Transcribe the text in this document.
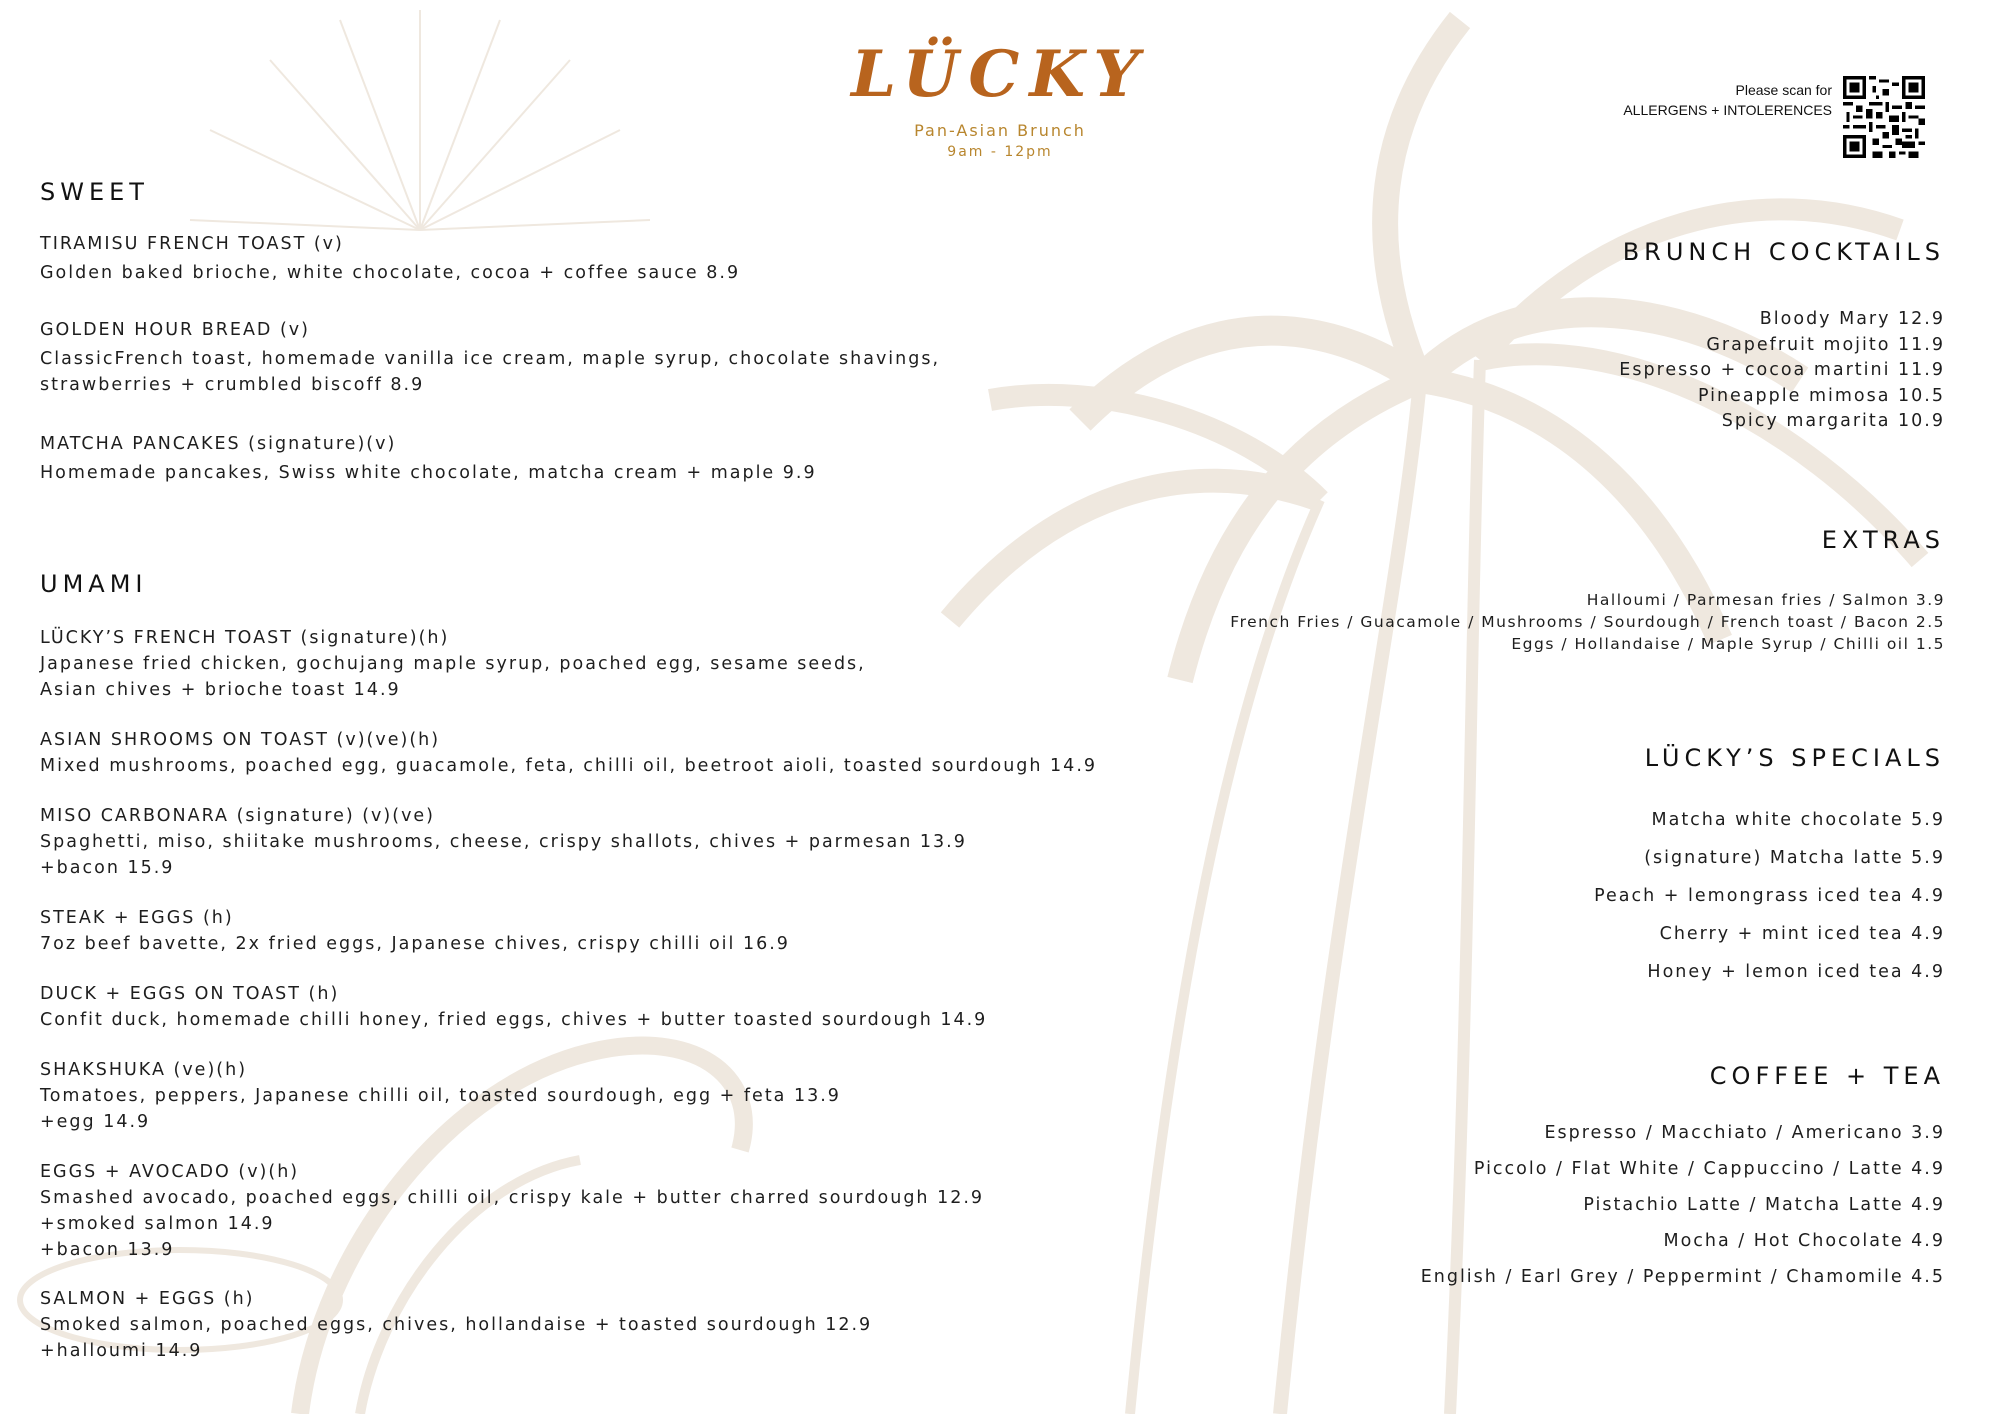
LÜCKY
Pan-Asian Brunch
9am - 12pm
Please scan for
ALLERGENS + INTOLERENCES
SWEET
TIRAMISU FRENCH TOAST (v)
Golden baked brioche, white chocolate, cocoa + coffee sauce 8.9
GOLDEN HOUR BREAD (v)
ClassicFrench toast, homemade vanilla ice cream, maple syrup, chocolate shavings,
strawberries + crumbled biscoff 8.9
MATCHA PANCAKES (signature)(v)
Homemade pancakes, Swiss white chocolate, matcha cream + maple 9.9
UMAMI
LÜCKY’S FRENCH TOAST (signature)(h)
Japanese fried chicken, gochujang maple syrup, poached egg, sesame seeds,
Asian chives + brioche toast 14.9
ASIAN SHROOMS ON TOAST (v)(ve)(h)
Mixed mushrooms, poached egg, guacamole, feta, chilli oil, beetroot aioli, toasted sourdough 14.9
MISO CARBONARA (signature) (v)(ve)
Spaghetti, miso, shiitake mushrooms, cheese, crispy shallots, chives + parmesan 13.9
+bacon 15.9
STEAK + EGGS (h)
7oz beef bavette, 2x fried eggs, Japanese chives, crispy chilli oil 16.9
DUCK + EGGS ON TOAST (h)
Confit duck, homemade chilli honey, fried eggs, chives + butter toasted sourdough 14.9
SHAKSHUKA (ve)(h)
Tomatoes, peppers, Japanese chilli oil, toasted sourdough, egg + feta 13.9
+egg 14.9
EGGS + AVOCADO (v)(h)
Smashed avocado, poached eggs, chilli oil, crispy kale + butter charred sourdough 12.9
+smoked salmon 14.9
+bacon 13.9
SALMON + EGGS (h)
Smoked salmon, poached eggs, chives, hollandaise + toasted sourdough 12.9
+halloumi 14.9
BRUNCH COCKTAILS
Bloody Mary 12.9
Grapefruit mojito 11.9
Espresso + cocoa martini 11.9
Pineapple mimosa 10.5
Spicy margarita 10.9
EXTRAS
Halloumi / Parmesan fries / Salmon 3.9
French Fries / Guacamole / Mushrooms / Sourdough / French toast / Bacon 2.5
Eggs / Hollandaise / Maple Syrup / Chilli oil 1.5
LÜCKY’S SPECIALS
Matcha white chocolate 5.9
(signature) Matcha latte 5.9
Peach + lemongrass iced tea 4.9
Cherry + mint iced tea 4.9
Honey + lemon iced tea 4.9
COFFEE + TEA
Espresso / Macchiato / Americano 3.9
Piccolo / Flat White / Cappuccino / Latte 4.9
Pistachio Latte / Matcha Latte 4.9
Mocha / Hot Chocolate 4.9
English / Earl Grey / Peppermint / Chamomile 4.5
